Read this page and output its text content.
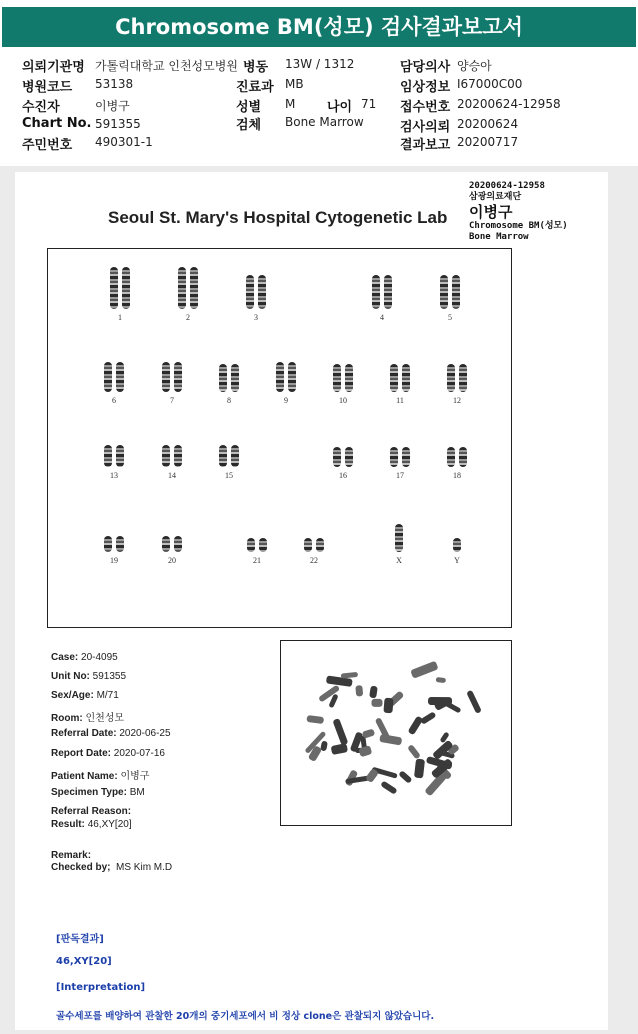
Chromosome BM(성모) 검사결과보고서
의뢰기관명 가톨릭대학교 인천성모병원 병동 13W / 1312	담당의사 양승아
병원코드 53138	진료과 MB	임상정보 I67000C00
수진자	이병구	성별 M 나이 71 접수번호 20200624-12958
Chart No. 591355	검체 Bone Marrow	검사의뢰 20200624
주민번호 490301-1	결과보고 20200717
20200624-12958
삼광의료재단
이병구
Chromosome BM(성모)
Bone Marrow
Seoul St. Mary's Hospital Cytogenetic Lab
1	2	3	4	5
6	7	8	9	10	11	12
13	14	15	16	17	18
19	20	21	22	X	Y
Case: 20-4095
Unit No: 591355
Sex/Age: M/71
Room: 인천성모
Referral Date: 2020-06-25
Report Date: 2020-07-16
Patient Name: 이병구
Specimen Type: BM
Referral Reason:
Result: 46,XY[20]
Remark:
Checked by; MS Kim M.D
[판독결과]
46,XY[20]
[Interpretation]
골수세포를 배양하여 관찰한 20개의 중기세포에서 비 정상 clone은 관찰되지 않았습니다.
